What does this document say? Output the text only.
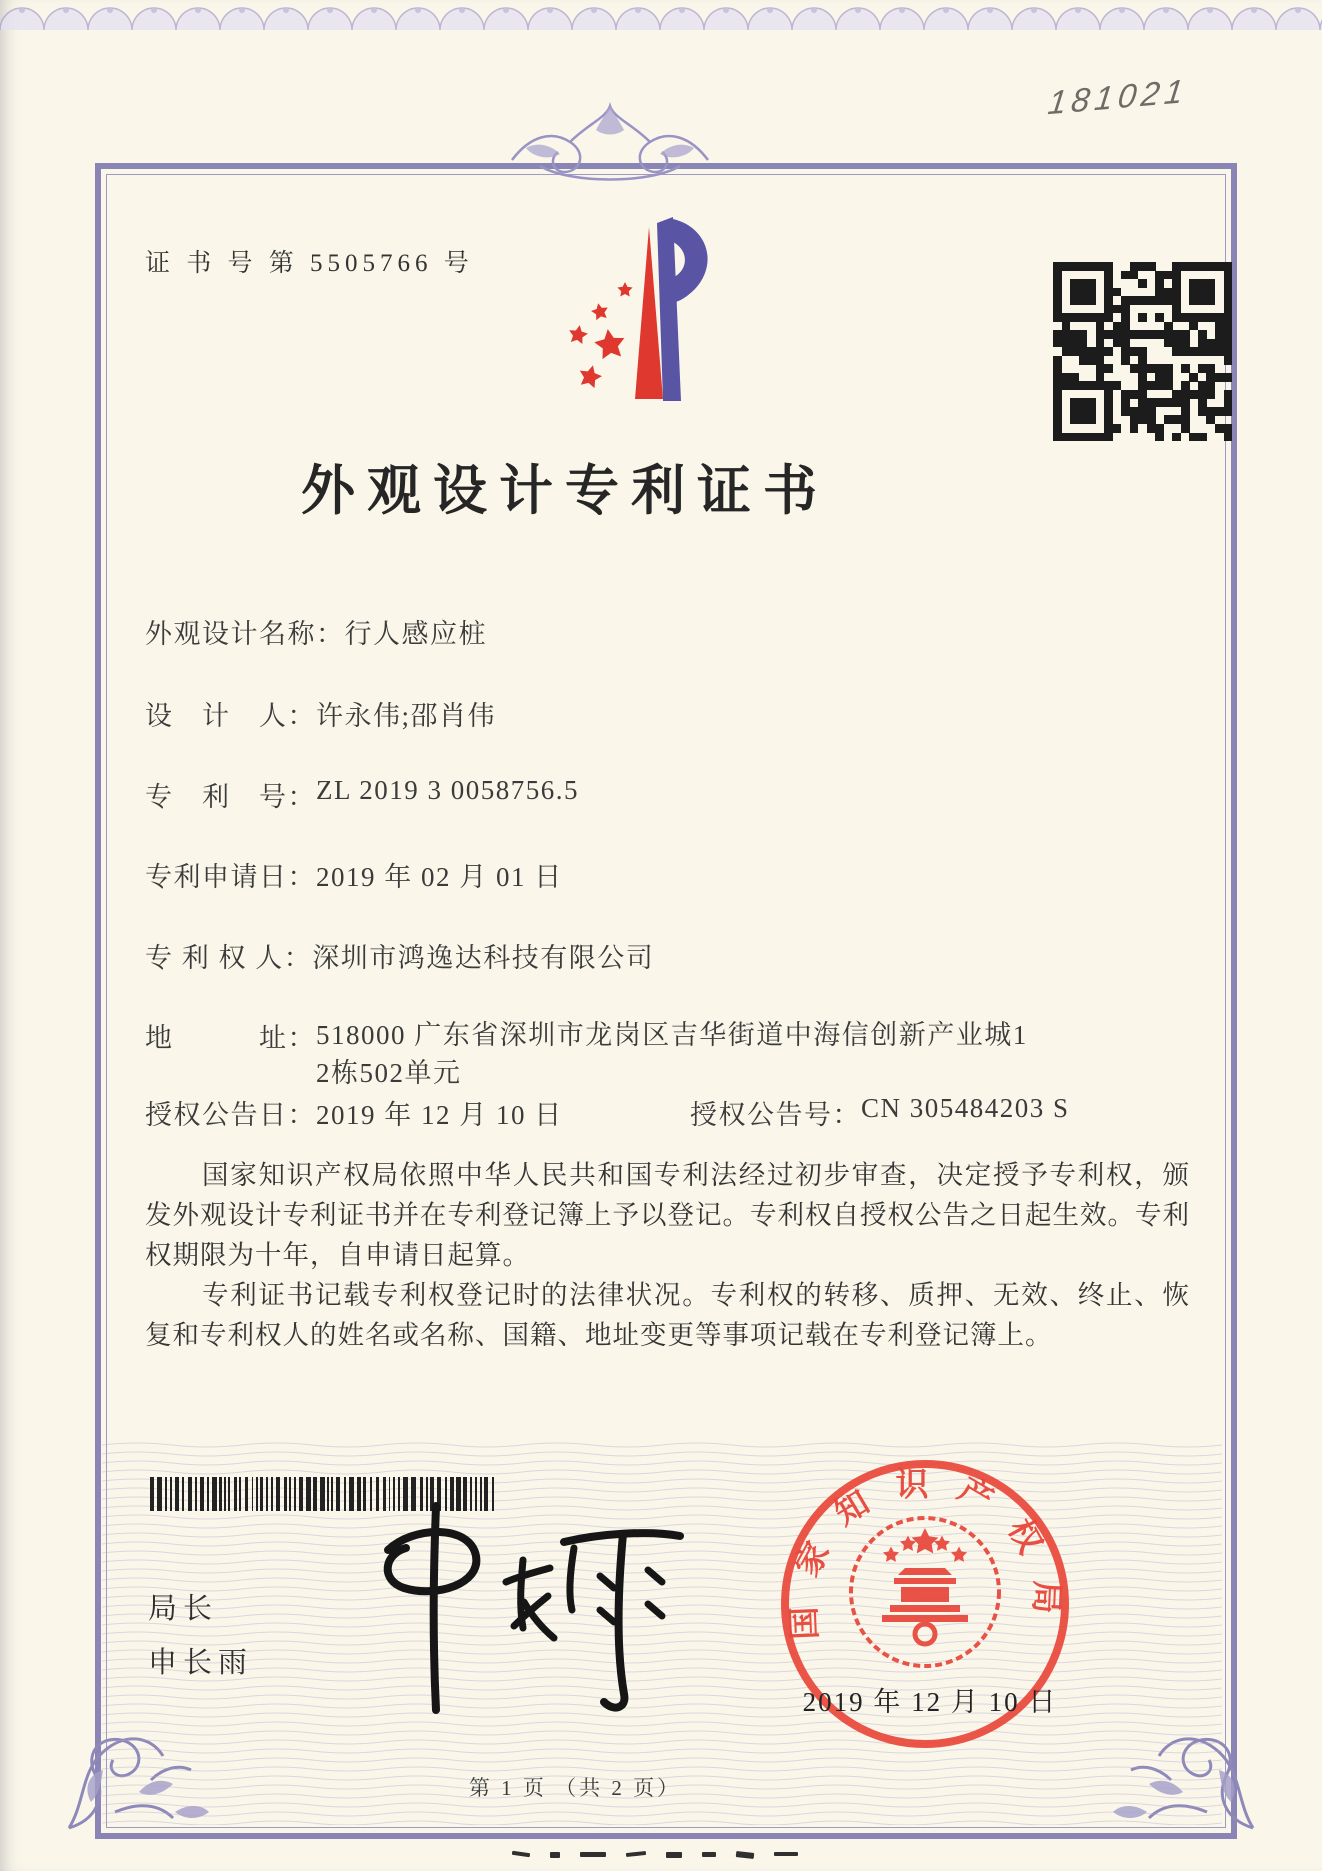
181021
证 书 号 第 5505766 号
外观设计专利证书
外观设计名称： 行人感应桩
设　计　人： 许永伟;邵肖伟
专　利　号： ZL 2019 3 0058756.5
专利申请日： 2019 年 02 月 01 日
专 利 权 人： 深圳市鸿逸达科技有限公司
地　　　址： 518000 广东省深圳市龙岗区吉华街道中海信创新产业城1
2栋502单元
授权公告日： 2019 年 12 月 10 日	授权公告号： CN 305484203 S

国家知识产权局依照中华人民共和国专利法经过初步审查，决定授予专利权，颁发外观设计专利证书并在专利登记簿上予以登记。专利权自授权公告之日起生效。专利权期限为十年，自申请日起算。

专利证书记载专利权登记时的法律状况。专利权的转移、质押、无效、终止、恢复和专利权人的姓名或名称、国籍、地址变更等事项记载在专利登记簿上。

局长
申长雨
国家知识产权局
2019 年 12 月 10 日
第 1 页 （共 2 页）
